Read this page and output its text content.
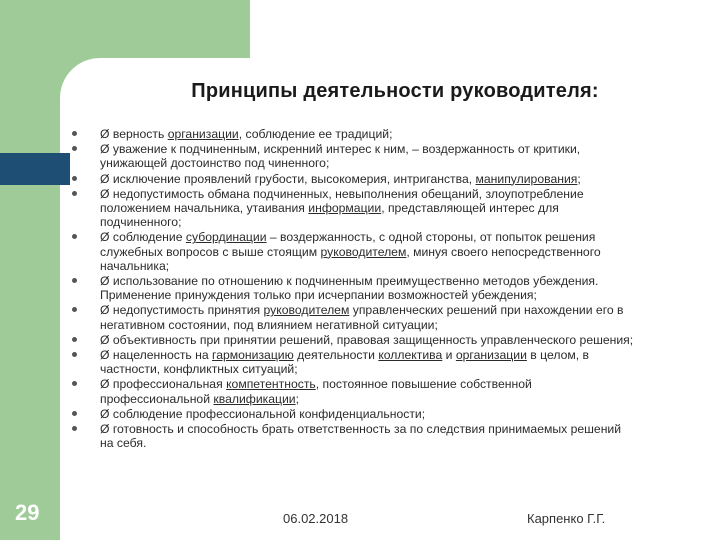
Принципы деятельности руководителя:
Ø верность организации, соблюдение ее традиций;
Ø уважение к подчиненным, искренний интерес к ним, – воздержанность от критики,
унижающей достоинство под чиненного;
Ø исключение проявлений грубости, высокомерия, интриганства, манипулирования;
Ø недопустимость обмана подчиненных, невыполнения обещаний, злоупотребление
положением начальника, утаивания информации, представляющей интерес для
подчиненного;
Ø соблюдение субординации – воздержанность, с одной стороны, от попыток решения
служебных вопросов с выше стоящим руководителем, минуя своего непосредственного
начальника;
Ø использование по отношению к подчиненным преимущественно методов убеждения.
Применение принуждения только при исчерпании возможностей убеждения;
Ø недопустимость принятия руководителем управленческих решений при нахождении его в
негативном состоянии, под влиянием негативной ситуации;
Ø объективность при принятии решений, правовая защищенность управленческого решения;
Ø нацеленность на гармонизацию деятельности коллектива и организации в целом, в
частности, конфликтных ситуаций;
Ø профессиональная компетентность, постоянное повышение собственной
профессиональной квалификации;
Ø соблюдение профессиональной конфиденциальности;
Ø готовность и способность брать ответственность за по следствия принимаемых решений
на себя.
29	06.02.2018	Карпенко Г.Г.
